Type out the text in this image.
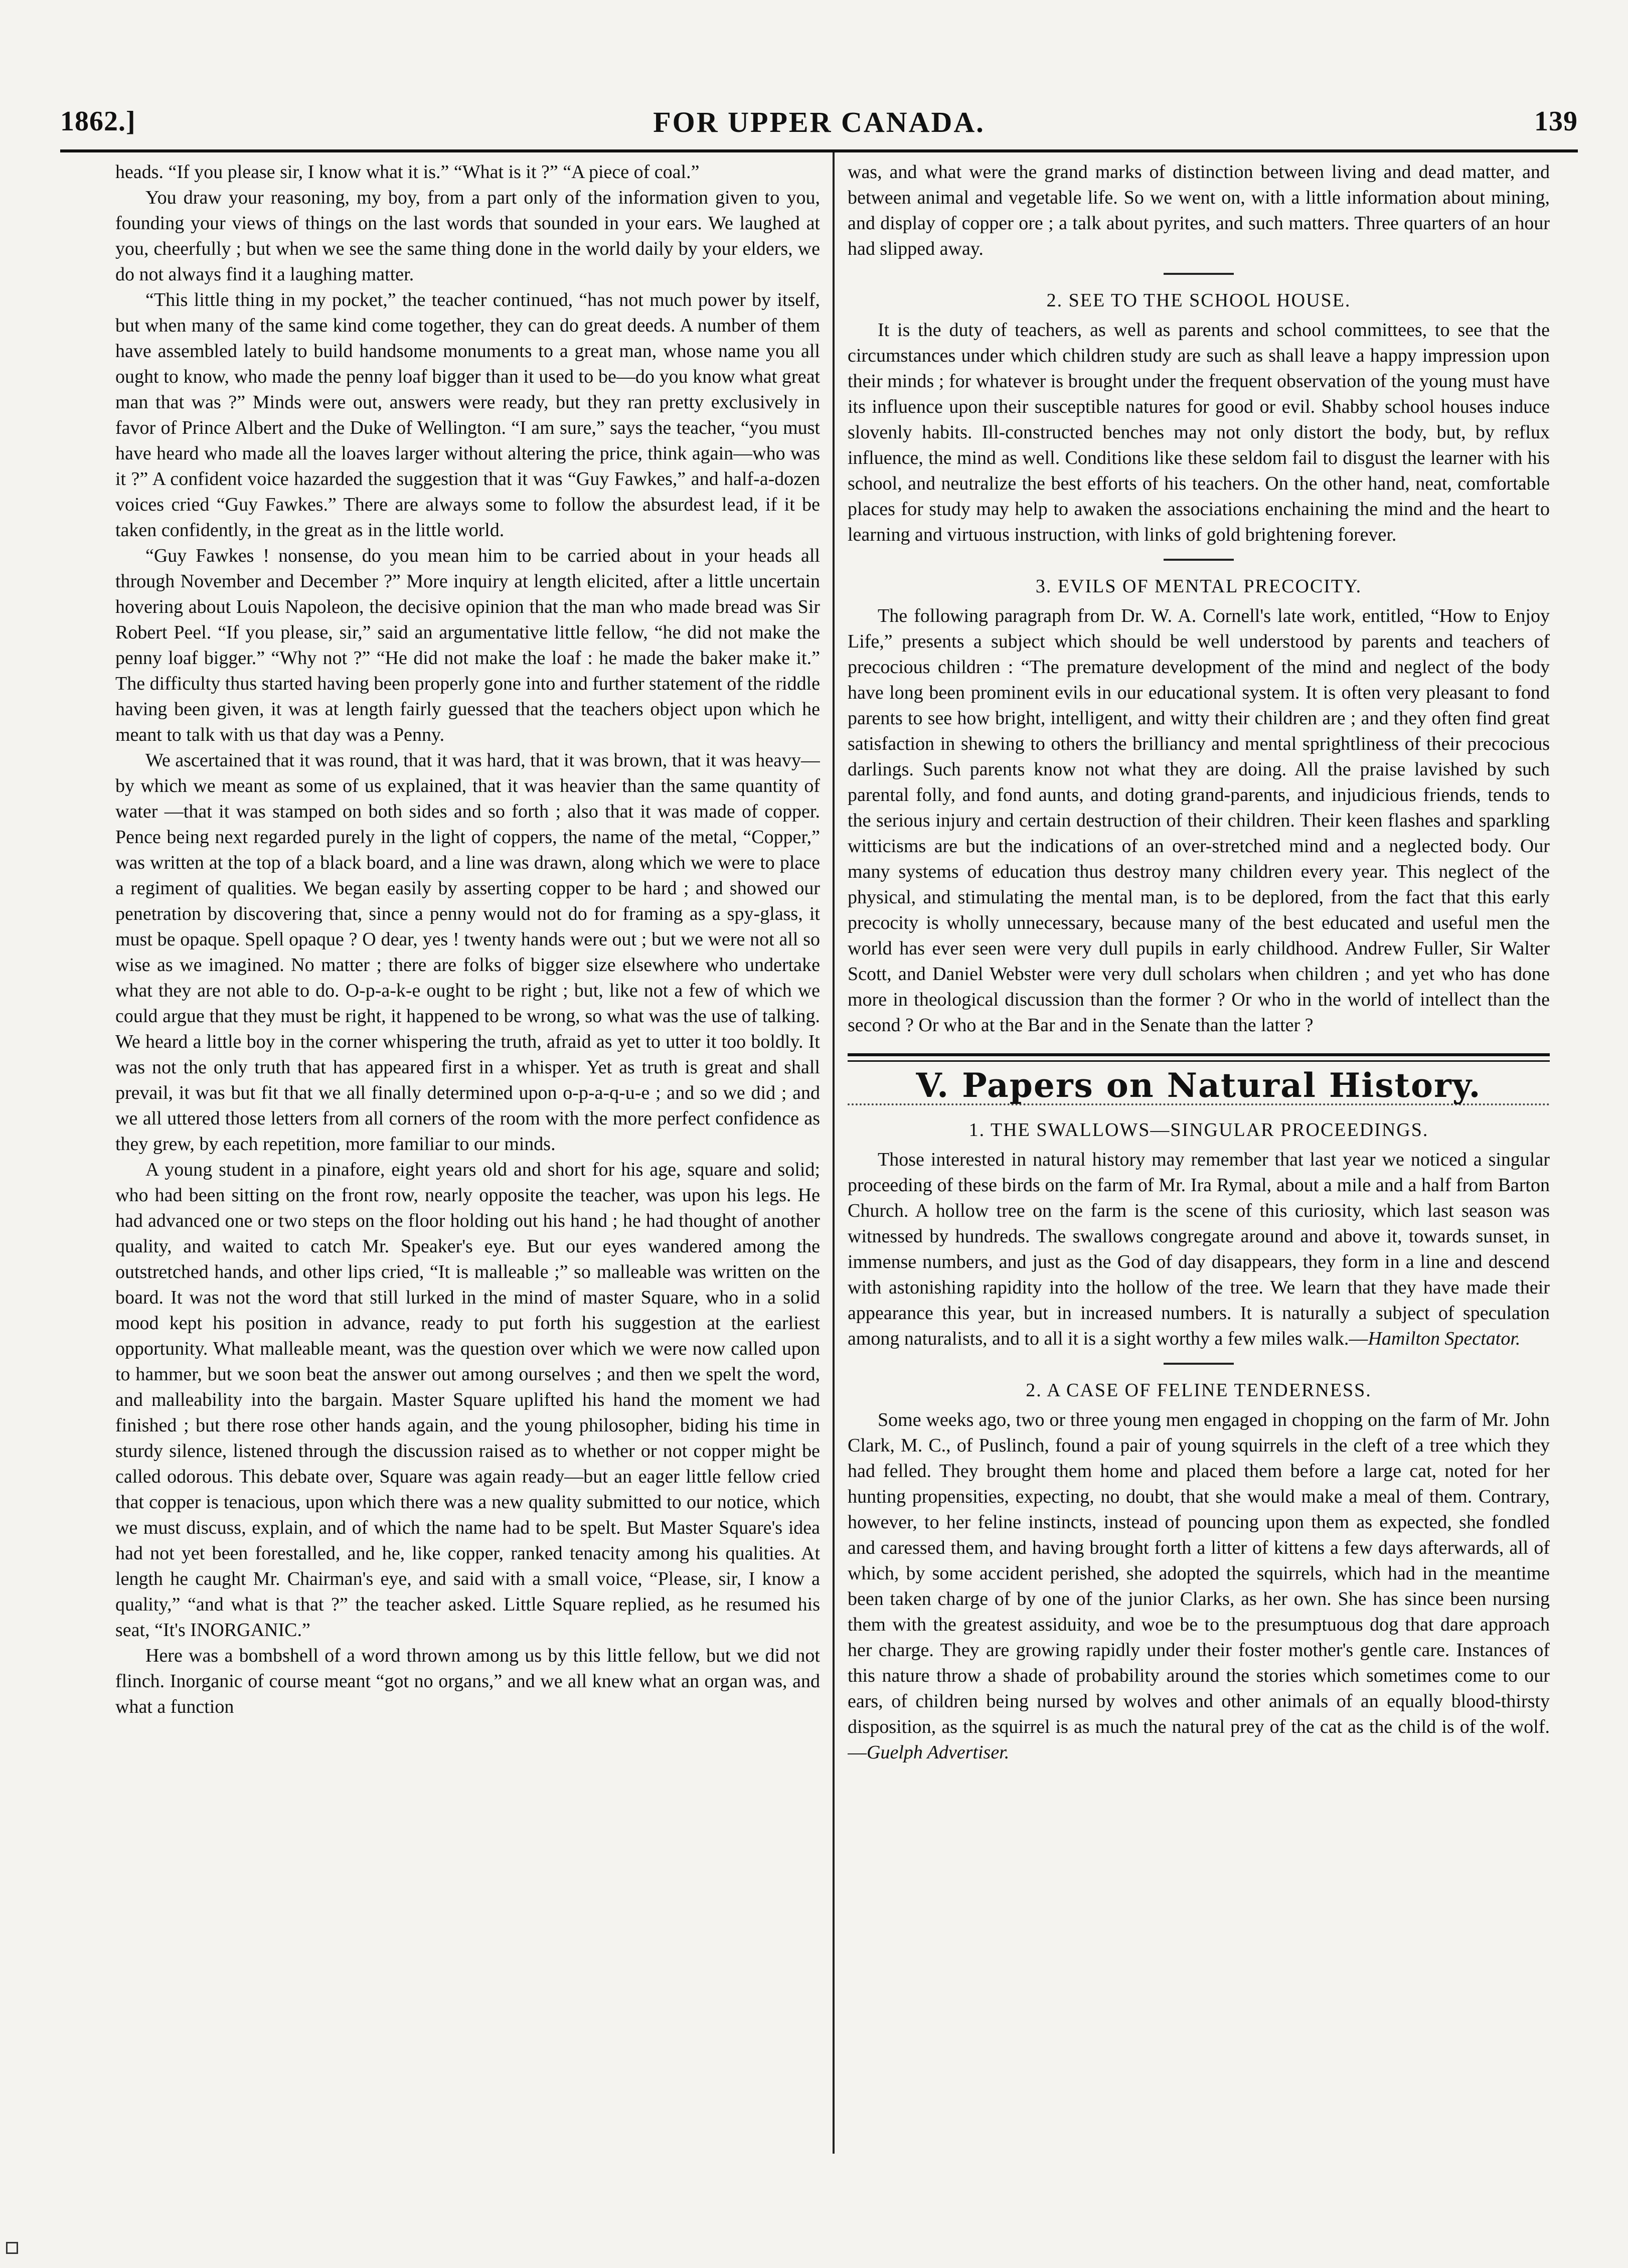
1862.]	FOR UPPER CANADA.	139

heads. “If you please sir, I know what it is.” “What is it ?” “A piece of coal.”

You draw your reasoning, my boy, from a part only of the information given to you, founding your views of things on the last words that sounded in your ears. We laughed at you, cheerfully ; but when we see the same thing done in the world daily by your elders, we do not always find it a laughing matter.

“This little thing in my pocket,” the teacher continued, “has not much power by itself, but when many of the same kind come together, they can do great deeds. A number of them have assembled lately to build handsome monuments to a great man, whose name you all ought to know, who made the penny loaf bigger than it used to be—do you know what great man that was ?” Minds were out, answers were ready, but they ran pretty exclusively in favor of Prince Albert and the Duke of Wellington. “I am sure,” says the teacher, “you must have heard who made all the loaves larger without altering the price, think again—who was it ?” A confident voice hazarded the suggestion that it was “Guy Fawkes,” and half-a-dozen voices cried “Guy Fawkes.” There are always some to follow the absurdest lead, if it be taken confidently, in the great as in the little world.

“Guy Fawkes ! nonsense, do you mean him to be carried about in your heads all through November and December ?” More inquiry at length elicited, after a little uncertain hovering about Louis Napoleon, the decisive opinion that the man who made bread was Sir Robert Peel. “If you please, sir,” said an argumentative little fellow, “he did not make the penny loaf bigger.” “Why not ?” “He did not make the loaf : he made the baker make it.” The difficulty thus started having been properly gone into and further statement of the riddle having been given, it was at length fairly guessed that the teachers object upon which he meant to talk with us that day was a Penny.

We ascertained that it was round, that it was hard, that it was brown, that it was heavy—by which we meant as some of us explained, that it was heavier than the same quantity of water —that it was stamped on both sides and so forth ; also that it was made of copper. Pence being next regarded purely in the light of coppers, the name of the metal, “Copper,” was written at the top of a black board, and a line was drawn, along which we were to place a regiment of qualities. We began easily by asserting copper to be hard ; and showed our penetration by discovering that, since a penny would not do for framing as a spy-glass, it must be opaque. Spell opaque ? O dear, yes ! twenty hands were out ; but we were not all so wise as we imagined. No matter ; there are folks of bigger size elsewhere who undertake what they are not able to do. O-p-a-k-e ought to be right ; but, like not a few of which we could argue that they must be right, it happened to be wrong, so what was the use of talking. We heard a little boy in the corner whispering the truth, afraid as yet to utter it too boldly. It was not the only truth that has appeared first in a whisper. Yet as truth is great and shall prevail, it was but fit that we all finally determined upon o-p-a-q-u-e ; and so we did ; and we all uttered those letters from all corners of the room with the more perfect confidence as they grew, by each repetition, more familiar to our minds.

A young student in a pinafore, eight years old and short for his age, square and solid; who had been sitting on the front row, nearly opposite the teacher, was upon his legs. He had advanced one or two steps on the floor holding out his hand ; he had thought of another quality, and waited to catch Mr. Speaker's eye. But our eyes wandered among the outstretched hands, and other lips cried, “It is malleable ;” so malleable was written on the board. It was not the word that still lurked in the mind of master Square, who in a solid mood kept his position in advance, ready to put forth his suggestion at the earliest opportunity. What malleable meant, was the question over which we were now called upon to hammer, but we soon beat the answer out among ourselves ; and then we spelt the word, and malleability into the bargain. Master Square uplifted his hand the moment we had finished ; but there rose other hands again, and the young philosopher, biding his time in sturdy silence, listened through the discussion raised as to whether or not copper might be called odorous. This debate over, Square was again ready—but an eager little fellow cried that copper is tenacious, upon which there was a new quality submitted to our notice, which we must discuss, explain, and of which the name had to be spelt. But Master Square's idea had not yet been forestalled, and he, like copper, ranked tenacity among his qualities. At length he caught Mr. Chairman's eye, and said with a small voice, “Please, sir, I know a quality,” “and what is that ?” the teacher asked. Little Square replied, as he resumed his seat, “It's INORGANIC.”

Here was a bombshell of a word thrown among us by this little fellow, but we did not flinch. Inorganic of course meant “got no organs,” and we all knew what an organ was, and what a function

was, and what were the grand marks of distinction between living and dead matter, and between animal and vegetable life. So we went on, with a little information about mining, and display of copper ore ; a talk about pyrites, and such matters. Three quarters of an hour had slipped away.

2. SEE TO THE SCHOOL HOUSE.

It is the duty of teachers, as well as parents and school committees, to see that the circumstances under which children study are such as shall leave a happy impression upon their minds ; for whatever is brought under the frequent observation of the young must have its influence upon their susceptible natures for good or evil. Shabby school houses induce slovenly habits. Ill-constructed benches may not only distort the body, but, by reflux influence, the mind as well. Conditions like these seldom fail to disgust the learner with his school, and neutralize the best efforts of his teachers. On the other hand, neat, comfortable places for study may help to awaken the associations enchaining the mind and the heart to learning and virtuous instruction, with links of gold brightening forever.

3. EVILS OF MENTAL PRECOCITY.

The following paragraph from Dr. W. A. Cornell's late work, entitled, “How to Enjoy Life,” presents a subject which should be well understood by parents and teachers of precocious children : “The premature development of the mind and neglect of the body have long been prominent evils in our educational system. It is often very pleasant to fond parents to see how bright, intelligent, and witty their children are ; and they often find great satisfaction in shewing to others the brilliancy and mental sprightliness of their precocious darlings. Such parents know not what they are doing. All the praise lavished by such parental folly, and fond aunts, and doting grand-parents, and injudicious friends, tends to the serious injury and certain destruction of their children. Their keen flashes and sparkling witticisms are but the indications of an over-stretched mind and a neglected body. Our many systems of education thus destroy many children every year. This neglect of the physical, and stimulating the mental man, is to be deplored, from the fact that this early precocity is wholly unnecessary, because many of the best educated and useful men the world has ever seen were very dull pupils in early childhood. Andrew Fuller, Sir Walter Scott, and Daniel Webster were very dull scholars when children ; and yet who has done more in theological discussion than the former ? Or who in the world of intellect than the second ? Or who at the Bar and in the Senate than the latter ?

V. Papers on Natural History.
1. THE SWALLOWS—SINGULAR PROCEEDINGS.

Those interested in natural history may remember that last year we noticed a singular proceeding of these birds on the farm of Mr. Ira Rymal, about a mile and a half from Barton Church. A hollow tree on the farm is the scene of this curiosity, which last season was witnessed by hundreds. The swallows congregate around and above it, towards sunset, in immense numbers, and just as the God of day disappears, they form in a line and descend with astonishing rapidity into the hollow of the tree. We learn that they have made their appearance this year, but in increased numbers. It is naturally a subject of speculation among naturalists, and to all it is a sight worthy a few miles walk.—Hamilton Spectator.

2. A CASE OF FELINE TENDERNESS.

Some weeks ago, two or three young men engaged in chopping on the farm of Mr. John Clark, M. C., of Puslinch, found a pair of young squirrels in the cleft of a tree which they had felled. They brought them home and placed them before a large cat, noted for her hunting propensities, expecting, no doubt, that she would make a meal of them. Contrary, however, to her feline instincts, instead of pouncing upon them as expected, she fondled and caressed them, and having brought forth a litter of kittens a few days afterwards, all of which, by some accident perished, she adopted the squirrels, which had in the meantime been taken charge of by one of the junior Clarks, as her own. She has since been nursing them with the greatest assiduity, and woe be to the presumptuous dog that dare approach her charge. They are growing rapidly under their foster mother's gentle care. Instances of this nature throw a shade of probability around the stories which sometimes come to our ears, of children being nursed by wolves and other animals of an equally blood-thirsty disposition, as the squirrel is as much the natural prey of the cat as the child is of the wolf.—Guelph Advertiser.
